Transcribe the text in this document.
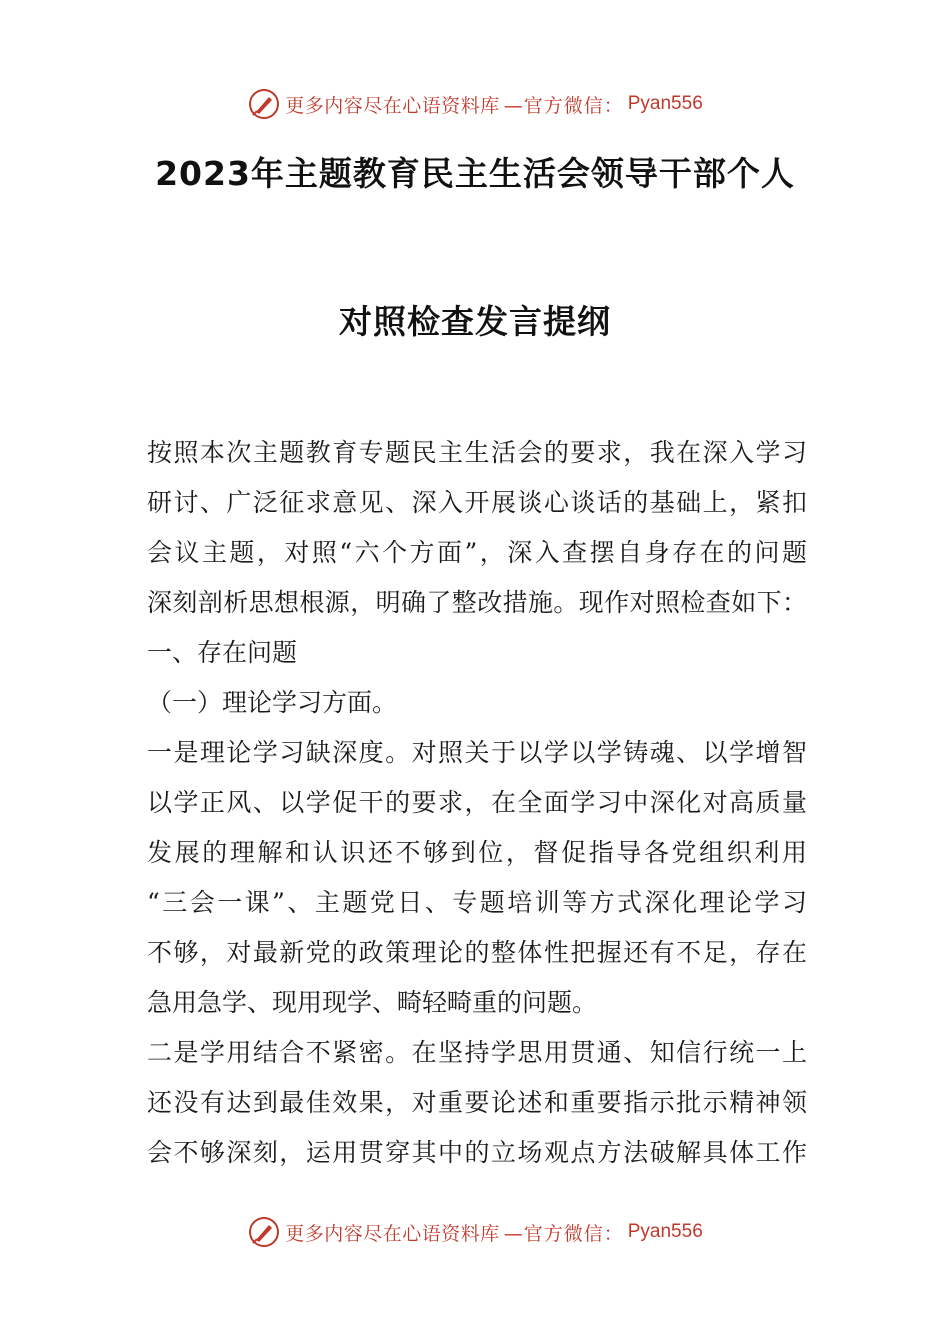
更多内容尽在心语资料库 —官方微信： Pyan556
2023年主题教育民主生活会领导干部个人
对照检查发言提纲
按照本次主题教育专题民主生活会的要求，我在深入学习
研讨、广泛征求意见、深入开展谈心谈话的基础上，紧扣
会议主题，对照“六个方面”，深入查摆自身存在的问题
深刻剖析思想根源，明确了整改措施。现作对照检查如下：
一、存在问题
（一）理论学习方面。
一是理论学习缺深度。对照关于以学以学铸魂、以学增智
以学正风、以学促干的要求，在全面学习中深化对高质量
发展的理解和认识还不够到位，督促指导各党组织利用
“三会一课”、主题党日、专题培训等方式深化理论学习
不够，对最新党的政策理论的整体性把握还有不足，存在
急用急学、现用现学、畸轻畸重的问题。
二是学用结合不紧密。在坚持学思用贯通、知信行统一上
还没有达到最佳效果，对重要论述和重要指示批示精神领
会不够深刻，运用贯穿其中的立场观点方法破解具体工作
更多内容尽在心语资料库 —官方微信： Pyan556
